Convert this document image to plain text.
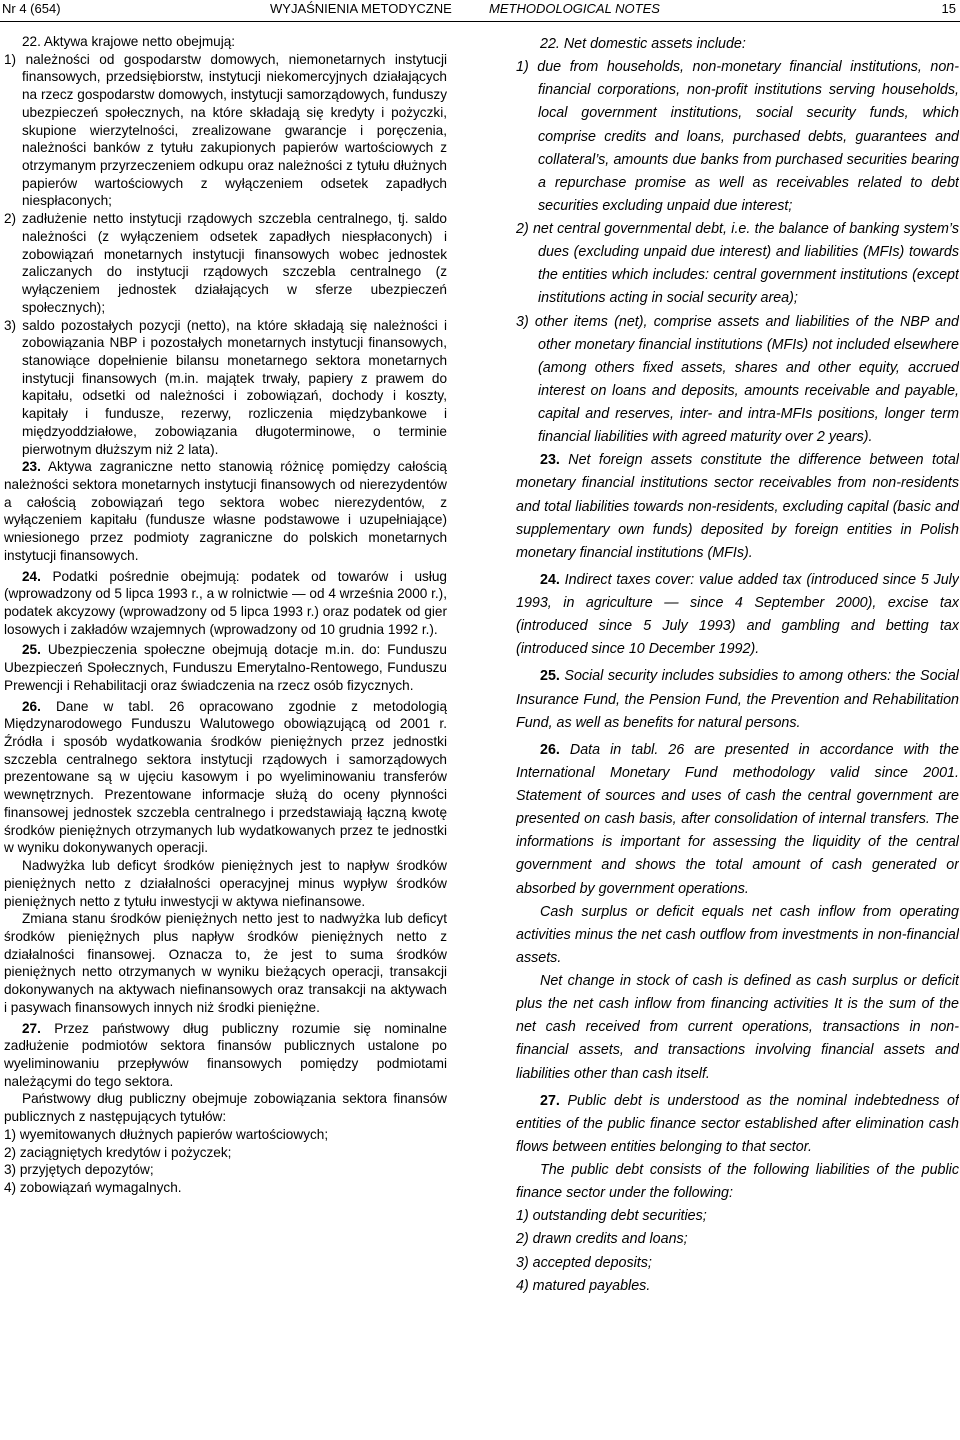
Nr 4 (654)	WYJAŚNIENIA METODYCZNE	METHODOLOGICAL NOTES	15

22. Aktywa krajowe netto obejmują:

1) należności od gospodarstw domowych, niemonetarnych instytucji finansowych, przedsiębiorstw, instytucji niekomercyjnych działających na rzecz gospodarstw domowych, instytucji samorządowych, funduszy ubezpieczeń społecznych, na które składają się kredyty i pożyczki, skupione wierzytelności, zrealizowane gwarancje i poręczenia, należności banków z tytułu zakupionych papierów wartościowych z otrzymanym przyrzeczeniem odkupu oraz należności z tytułu dłużnych papierów wartościowych z wyłączeniem odsetek zapadłych niespłaconych;

2) zadłużenie netto instytucji rządowych szczebla centralnego, tj. saldo należności (z wyłączeniem odsetek zapadłych niespłaconych) i zobowiązań monetarnych instytucji finansowych wobec jednostek zaliczanych do instytucji rządowych szczebla centralnego (z wyłączeniem jednostek działających w sferze ubezpieczeń społecznych);

3) saldo pozostałych pozycji (netto), na które składają się należności i zobowiązania NBP i pozostałych monetarnych instytucji finansowych, stanowiące dopełnienie bilansu monetarnego sektora monetarnych instytucji finansowych (m.in. majątek trwały, papiery z prawem do kapitału, odsetki od należności i zobowiązań, dochody i koszty, kapitały i fundusze, rezerwy, rozliczenia międzybankowe i międzyoddziałowe, zobowiązania długoterminowe, o terminie pierwotnym dłuższym niż 2 lata).

23. Aktywa zagraniczne netto stanowią różnicę pomiędzy całością należności sektora monetarnych instytucji finansowych od nierezydentów a całością zobowiązań tego sektora wobec nierezydentów, z wyłączeniem kapitału (fundusze własne podstawowe i uzupełniające) wniesionego przez podmioty zagraniczne do polskich monetarnych instytucji finansowych.

24. Podatki pośrednie obejmują: podatek od towarów i usług (wprowadzony od 5 lipca 1993 r., a w rolnictwie — od 4 września 2000 r.), podatek akcyzowy (wprowadzony od 5 lipca 1993 r.) oraz podatek od gier losowych i zakładów wzajemnych (wprowadzony od 10 grudnia 1992 r.).

25. Ubezpieczenia społeczne obejmują dotacje m.in. do: Funduszu Ubezpieczeń Społecznych, Funduszu Emerytalno-Rentowego, Funduszu Prewencji i Rehabilitacji oraz świadczenia na rzecz osób fizycznych.

26. Dane w tabl. 26 opracowano zgodnie z metodologią Międzynarodowego Funduszu Walutowego obowiązującą od 2001 r. Źródła i sposób wydatkowania środków pieniężnych przez jednostki szczebla centralnego sektora instytucji rządowych i samorządowych prezentowane są w ujęciu kasowym i po wyeliminowaniu transferów wewnętrznych. Prezentowane informacje służą do oceny płynności finansowej jednostek szczebla centralnego i przedstawiają łączną kwotę środków pieniężnych otrzymanych lub wydatkowanych przez te jednostki w wyniku dokonywanych operacji.

Nadwyżka lub deficyt środków pieniężnych jest to napływ środków pieniężnych netto z działalności operacyjnej minus wypływ środków pieniężnych netto z tytułu inwestycji w aktywa niefinansowe.

Zmiana stanu środków pieniężnych netto jest to nadwyżka lub deficyt środków pieniężnych plus napływ środków pieniężnych netto z działalności finansowej. Oznacza to, że jest to suma środków pieniężnych netto otrzymanych w wyniku bieżących operacji, transakcji dokonywanych na aktywach niefinansowych oraz transakcji na aktywach i pasywach finansowych innych niż środki pieniężne.

27. Przez państwowy dług publiczny rozumie się nominalne zadłużenie podmiotów sektora finansów publicznych ustalone po wyeliminowaniu przepływów finansowych pomiędzy podmiotami należącymi do tego sektora.

Państwowy dług publiczny obejmuje zobowiązania sektora finansów publicznych z następujących tytułów:

1) wyemitowanych dłużnych papierów wartościowych;

2) zaciągniętych kredytów i pożyczek;

3) przyjętych depozytów;

4) zobowiązań wymagalnych.

22. Net domestic assets include:

1) due from households, non-monetary financial institutions, non-financial corporations, non-profit institutions serving households, local government institutions, social security funds, which comprise credits and loans, purchased debts, guarantees and collateral’s, amounts due banks from purchased securities bearing a repurchase promise as well as receivables related to debt securities excluding unpaid due interest;

2) net central governmental debt, i.e. the balance of banking system’s dues (excluding unpaid due interest) and liabilities (MFIs) towards the entities which includes: central government institutions (except institutions acting in social security area);

3) other items (net), comprise assets and liabilities of the NBP and other monetary financial institutions (MFIs) not included elsewhere (among others fixed assets, shares and other equity, accrued interest on loans and deposits, amounts receivable and payable, capital and reserves, inter- and intra-MFIs positions, longer term financial liabilities with agreed maturity over 2 years).

23. Net foreign assets constitute the difference between total monetary financial institutions sector receivables from non-residents and total liabilities towards non-residents, excluding capital (basic and supplementary own funds) deposited by foreign entities in Polish monetary financial institutions (MFIs).

24. Indirect taxes cover: value added tax (introduced since 5 July 1993, in agriculture — since 4 September 2000), excise tax (introduced since 5 July 1993) and gambling and betting tax (introduced since 10 December 1992).

25. Social security includes subsidies to among others: the Social Insurance Fund, the Pension Fund, the Prevention and Rehabilitation Fund, as well as benefits for natural persons.

26. Data in tabl. 26 are presented in accordance with the International Monetary Fund methodology valid since 2001. Statement of sources and uses of cash the central government are presented on cash basis, after consolidation of internal transfers. The informations is important for assessing the liquidity of the central government and shows the total amount of cash generated or absorbed by government operations.

Cash surplus or deficit equals net cash inflow from operating activities minus the net cash outflow from investments in non-financial assets.

Net change in stock of cash is defined as cash surplus or deficit plus the net cash inflow from financing activities It is the sum of the net cash received from current operations, transactions in non-financial assets, and transactions involving financial assets and liabilities other than cash itself.

27. Public debt is understood as the nominal indebtedness of entities of the public finance sector established after elimination cash flows between entities belonging to that sector.

The public debt consists of the following liabilities of the public finance sector under the following:

1) outstanding debt securities;

2) drawn credits and loans;

3) accepted deposits;

4) matured payables.
